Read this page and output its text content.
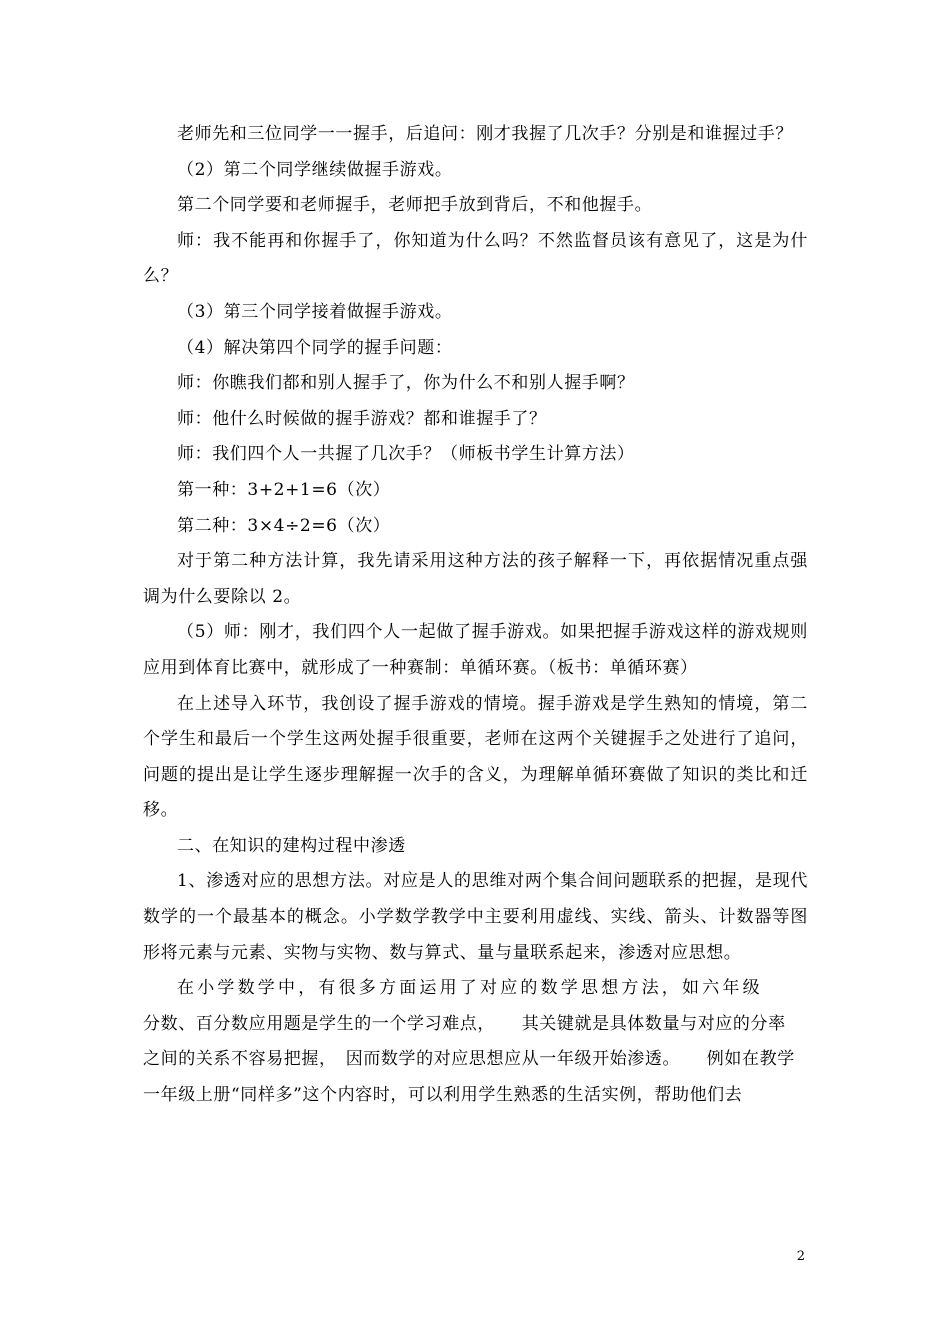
老师先和三位同学一一握手，后追问：刚才我握了几次手？分别是和谁握过手？

（2）第二个同学继续做握手游戏。

第二个同学要和老师握手，老师把手放到背后，不和他握手。

师：我不能再和你握手了，你知道为什么吗？不然监督员该有意见了，这是为什么？

（3）第三个同学接着做握手游戏。

（4）解决第四个同学的握手问题：

师：你瞧我们都和别人握手了，你为什么不和别人握手啊？

师：他什么时候做的握手游戏？都和谁握手了？

师：我们四个人一共握了几次手？（师板书学生计算方法）

第一种：3+2+1=6（次）

第二种：3×4÷2=6（次）

对于第二种方法计算，我先请采用这种方法的孩子解释一下，再依据情况重点强调为什么要除以 2。

（5）师：刚才，我们四个人一起做了握手游戏。如果把握手游戏这样的游戏规则应用到体育比赛中，就形成了一种赛制：单循环赛。（板书：单循环赛）

在上述导入环节，我创设了握手游戏的情境。握手游戏是学生熟知的情境，第二个学生和最后一个学生这两处握手很重要，老师在这两个关键握手之处进行了追问，问题的提出是让学生逐步理解握一次手的含义，为理解单循环赛做了知识的类比和迁移。

二、在知识的建构过程中渗透

1、渗透对应的思想方法。对应是人的思维对两个集合间问题联系的把握，是现代数学的一个最基本的概念。小学数学教学中主要利用虚线、实线、箭头、计数器等图形将元素与元素、实物与实物、数与算式、量与量联系起来，渗透对应思想。

在小学数学中，有很多方面运用了对应的数学思想方法，如六年级

分数、百分数应用题是学生的一个学习难点，　　其关键就是具体数量与对应的分率

之间的关系不容易把握，　因而数学的对应思想应从一年级开始渗透。　　例如在教学

一年级上册“同样多”这个内容时，可以利用学生熟悉的生活实例，帮助他们去

2
